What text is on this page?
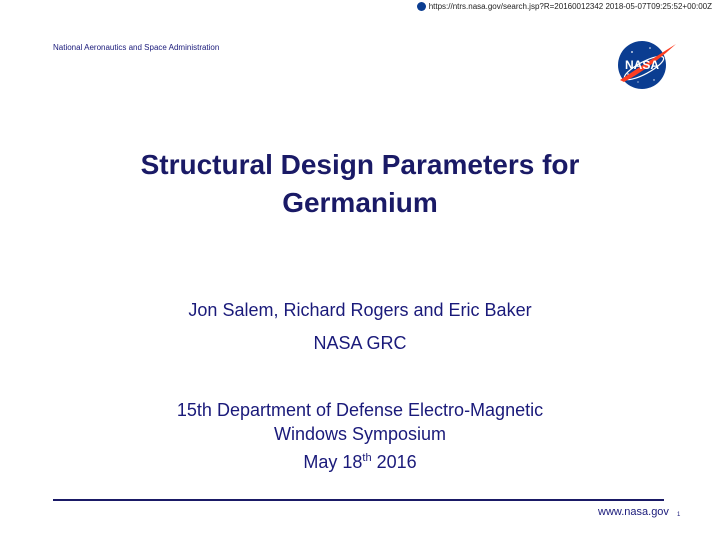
https://ntrs.nasa.gov/search.jsp?R=20160012342 2018-05-07T09:25:52+00:00Z
National Aeronautics and Space Administration
NASA
Structural Design Parameters for
Germanium
Jon Salem, Richard Rogers and Eric Baker
NASA GRC
15th Department of Defense Electro-Magnetic
Windows Symposium
May 18th 2016
www.nasa.gov 1
